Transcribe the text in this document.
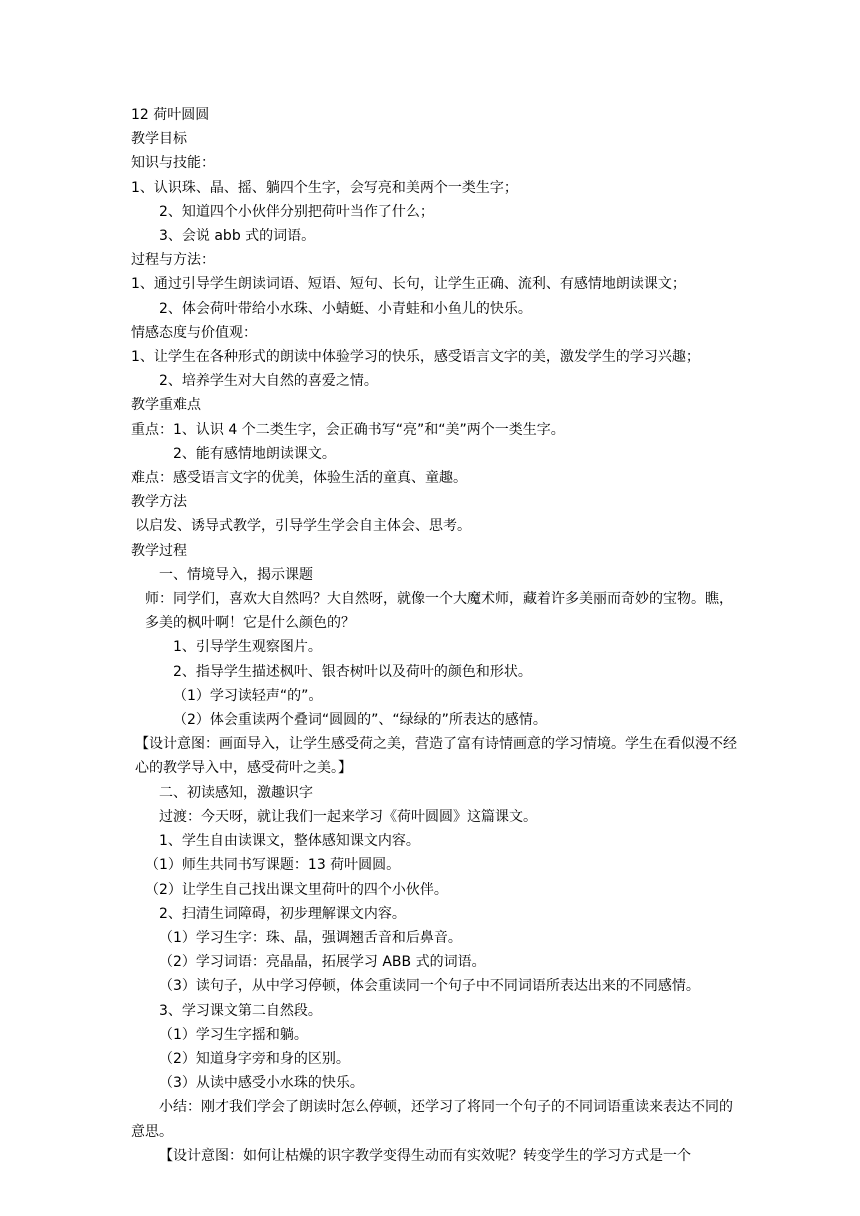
12 荷叶圆圆
教学目标
知识与技能：
1、认识珠、晶、摇、躺四个生字，会写亮和美两个一类生字；
2、知道四个小伙伴分别把荷叶当作了什么；
3、会说 abb 式的词语。
过程与方法：
1、通过引导学生朗读词语、短语、短句、长句，让学生正确、流利、有感情地朗读课文；
2、体会荷叶带给小水珠、小蜻蜓、小青蛙和小鱼儿的快乐。
情感态度与价值观：
1、让学生在各种形式的朗读中体验学习的快乐，感受语言文字的美，激发学生的学习兴趣；
2、培养学生对大自然的喜爱之情。
教学重难点
重点：1、认识 4 个二类生字，会正确书写“亮”和“美”两个一类生字。
2、能有感情地朗读课文。
难点：感受语言文字的优美，体验生活的童真、童趣。
教学方法
以启发、诱导式教学，引导学生学会自主体会、思考。
教学过程
一、情境导入，揭示课题
师：同学们，喜欢大自然吗？大自然呀，就像一个大魔术师，藏着许多美丽而奇妙的宝物。瞧，多美的枫叶啊！它是什么颜色的？
1、引导学生观察图片。
2、指导学生描述枫叶、银杏树叶以及荷叶的颜色和形状。
（1）学习读轻声“的”。
（2）体会重读两个叠词“圆圆的”、“绿绿的”所表达的感情。
【设计意图：画面导入，让学生感受荷之美，营造了富有诗情画意的学习情境。学生在看似漫不经心的教学导入中，感受荷叶之美。】
二、初读感知，激趣识字
过渡：今天呀，就让我们一起来学习《荷叶圆圆》这篇课文。
1、学生自由读课文，整体感知课文内容。
（1）师生共同书写课题：13 荷叶圆圆。
（2）让学生自己找出课文里荷叶的四个小伙伴。
2、扫清生词障碍，初步理解课文内容。
（1）学习生字：珠、晶，强调翘舌音和后鼻音。
（2）学习词语：亮晶晶，拓展学习 ABB 式的词语。
（3）读句子，从中学习停顿，体会重读同一个句子中不同词语所表达出来的不同感情。
3、学习课文第二自然段。
（1）学习生字摇和躺。
（2）知道身字旁和身的区别。
（3）从读中感受小水珠的快乐。
小结：刚才我们学会了朗读时怎么停顿，还学习了将同一个句子的不同词语重读来表达不同的意思。
【设计意图：如何让枯燥的识字教学变得生动而有实效呢？转变学生的学习方式是一个
